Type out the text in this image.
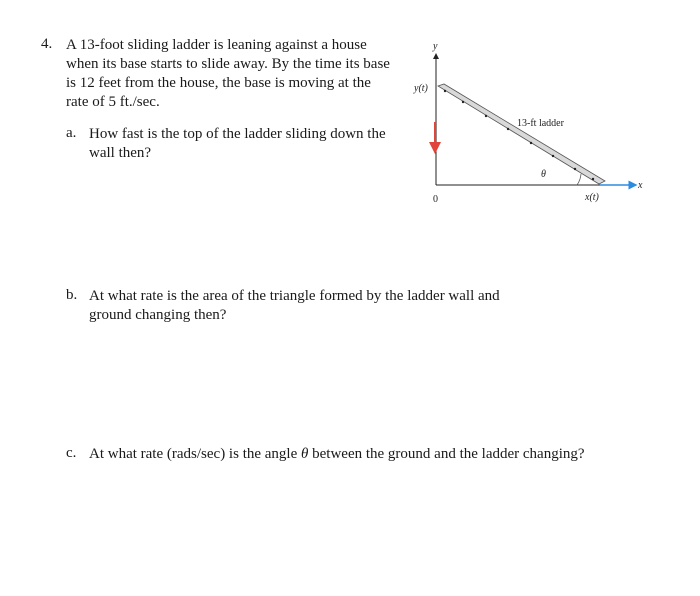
4. A 13-foot sliding ladder is leaning against a house when its base starts to slide away. By the time its base is 12 feet from the house, the base is moving at the rate of 5 ft./sec.
a. How fast is the top of the ladder sliding down the wall then?
y
x
y(t)
x(t)
0
13-ft ladder
θ
b. At what rate is the area of the triangle formed by the ladder wall and ground changing then?
c. At what rate (rads/sec) is the angle θ between the ground and the ladder changing?
